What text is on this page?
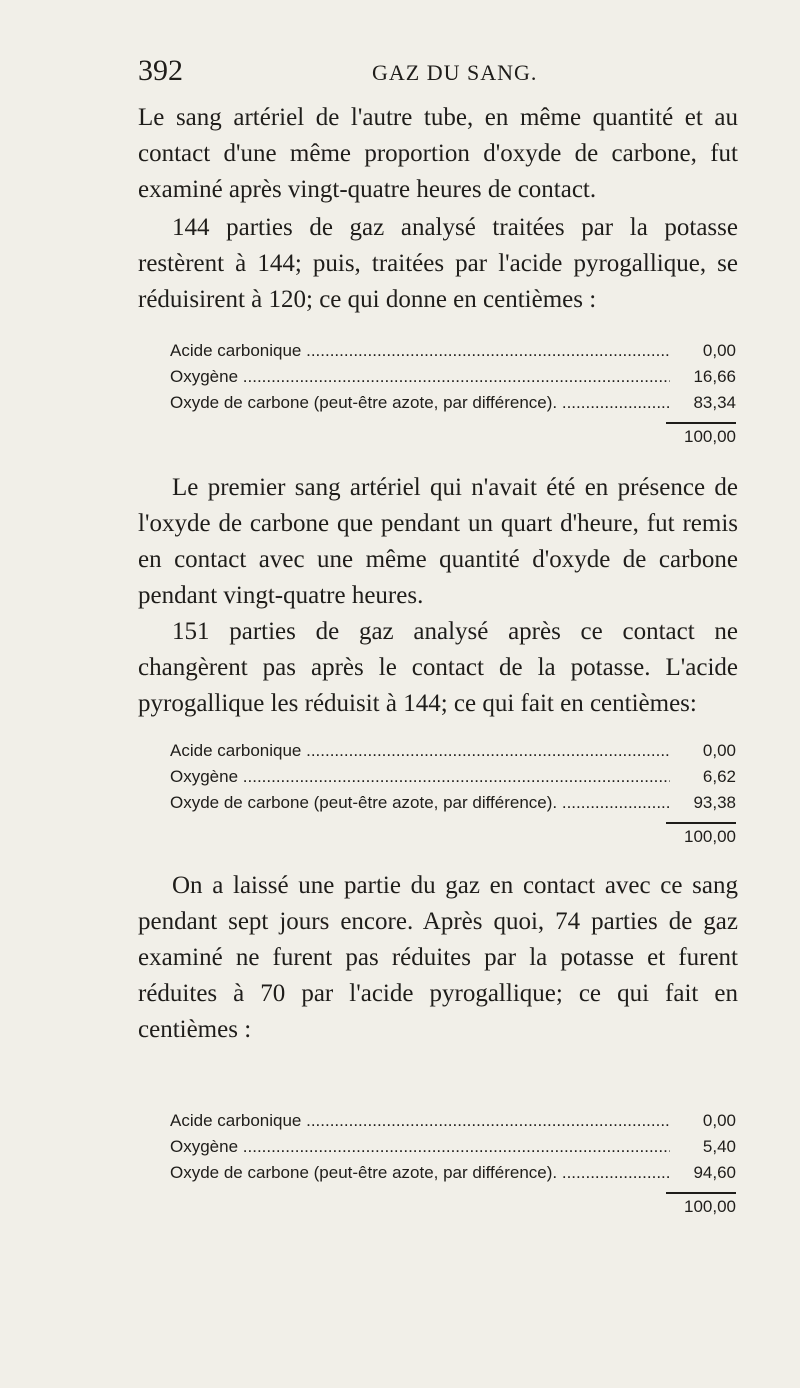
392	GAZ DU SANG.

Le sang artériel de l'autre tube, en même quantité et au contact d'une même proportion d'oxyde de carbone, fut examiné après vingt-quatre heures de contact.

144 parties de gaz analysé traitées par la potasse restèrent à 144; puis, traitées par l'acide pyrogallique, se réduisirent à 120; ce qui donne en centièmes :

Acide carbonique .....	0,00
Oxygène .....	16,66
Oxyde de carbone (peut-être azote, par différence). .....	83,34
100,00

Le premier sang artériel qui n'avait été en présence de l'oxyde de carbone que pendant un quart d'heure, fut remis en contact avec une même quantité d'oxyde de carbone pendant vingt-quatre heures.

151 parties de gaz analysé après ce contact ne changèrent pas après le contact de la potasse. L'acide pyrogallique les réduisit à 144; ce qui fait en centièmes:

Acide carbonique .....	0,00
Oxygène .....	6,62
Oxyde de carbone (peut-être azote, par différence). .....	93,38
100,00

On a laissé une partie du gaz en contact avec ce sang pendant sept jours encore. Après quoi, 74 parties de gaz examiné ne furent pas réduites par la potasse et furent réduites à 70 par l'acide pyrogallique; ce qui fait en centièmes :

Acide carbonique .....	0,00
Oxygène .....	5,40
Oxyde de carbone (peut-être azote, par différence). .....	94,60
100,00
